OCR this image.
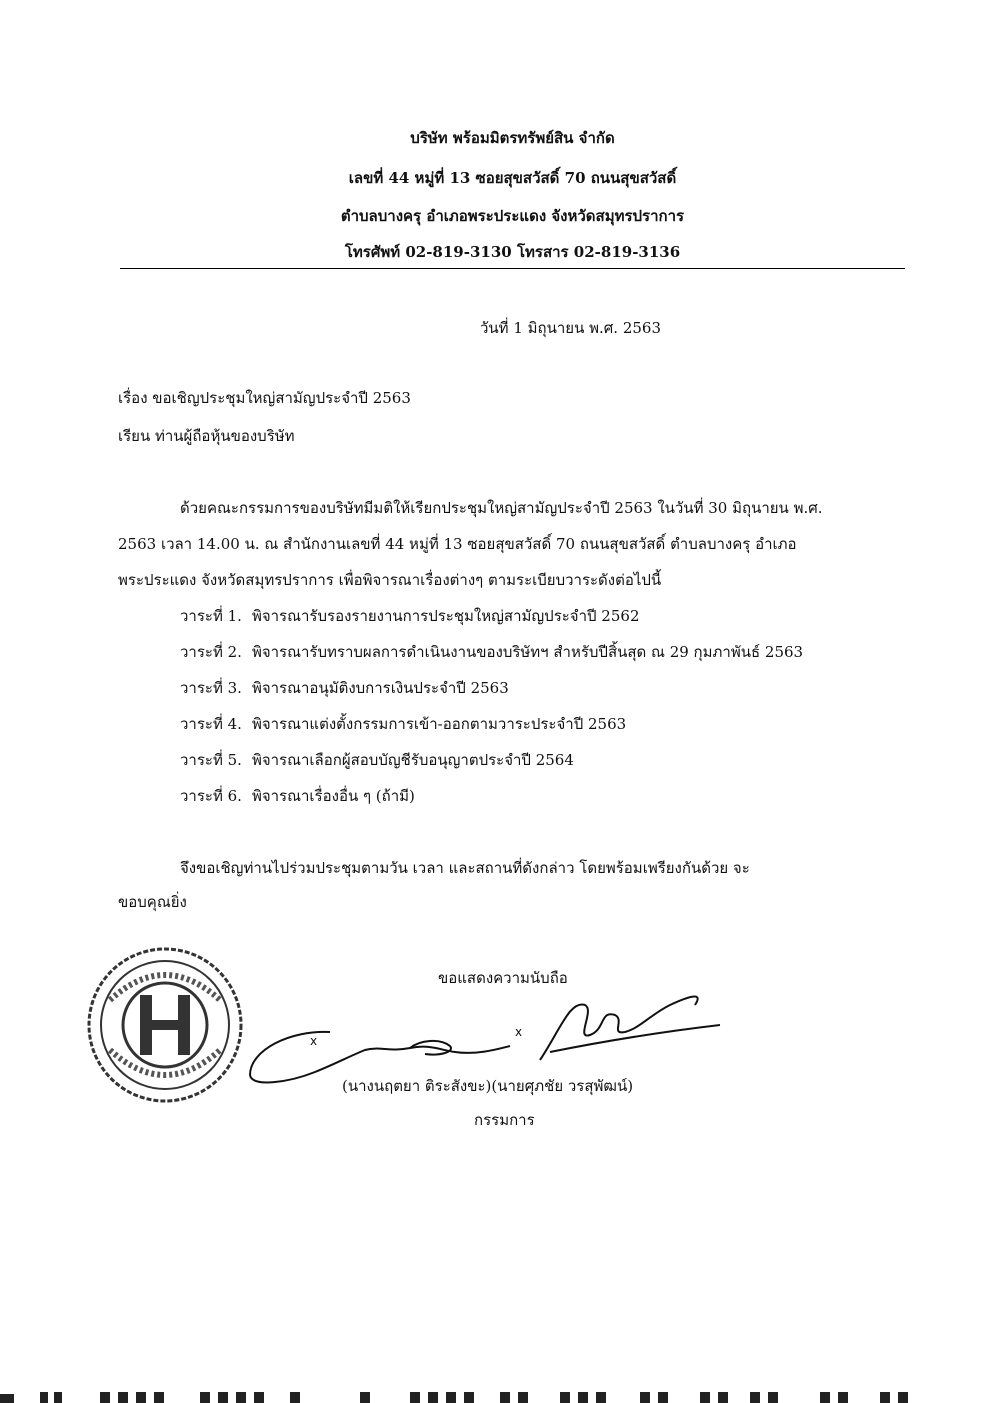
บริษัท พร้อมมิตรทรัพย์สิน จำกัด
เลขที่ 44 หมู่ที่ 13 ซอยสุขสวัสดิ์ 70 ถนนสุขสวัสดิ์
ตำบลบางครุ อำเภอพระประแดง จังหวัดสมุทรปราการ
โทรศัพท์ 02-819-3130 โทรสาร 02-819-3136
วันที่ 1 มิถุนายน พ.ศ. 2563
เรื่อง ขอเชิญประชุมใหญ่สามัญประจำปี 2563
เรียน ท่านผู้ถือหุ้นของบริษัท
ด้วยคณะกรรมการของบริษัทมีมติให้เรียกประชุมใหญ่สามัญประจำปี 2563 ในวันที่ 30 มิถุนายน พ.ศ.
2563 เวลา 14.00 น. ณ สำนักงานเลขที่ 44 หมู่ที่ 13 ซอยสุขสวัสดิ์ 70 ถนนสุขสวัสดิ์ ตำบลบางครุ อำเภอ
พระประแดง จังหวัดสมุทรปราการ เพื่อพิจารณาเรื่องต่างๆ ตามระเบียบวาระดังต่อไปนี้
วาระที่ 1. พิจารณารับรองรายงานการประชุมใหญ่สามัญประจำปี 2562
วาระที่ 2. พิจารณารับทราบผลการดำเนินงานของบริษัทฯ สำหรับปีสิ้นสุด ณ 29 กุมภาพันธ์ 2563
วาระที่ 3. พิจารณาอนุมัติงบการเงินประจำปี 2563
วาระที่ 4. พิจารณาแต่งตั้งกรรมการเข้า-ออกตามวาระประจำปี 2563
วาระที่ 5. พิจารณาเลือกผู้สอบบัญชีรับอนุญาตประจำปี 2564
วาระที่ 6. พิจารณาเรื่องอื่น ๆ (ถ้ามี)
จึงขอเชิญท่านไปร่วมประชุมตามวัน เวลา และสถานที่ดังกล่าว โดยพร้อมเพรียงกันด้วย จะ
ขอบคุณยิ่ง
x
x
ขอแสดงความนับถือ
(นางนฤตยา ติระสังขะ)(นายศุภชัย วรสุพัฒน์)
กรรมการ
